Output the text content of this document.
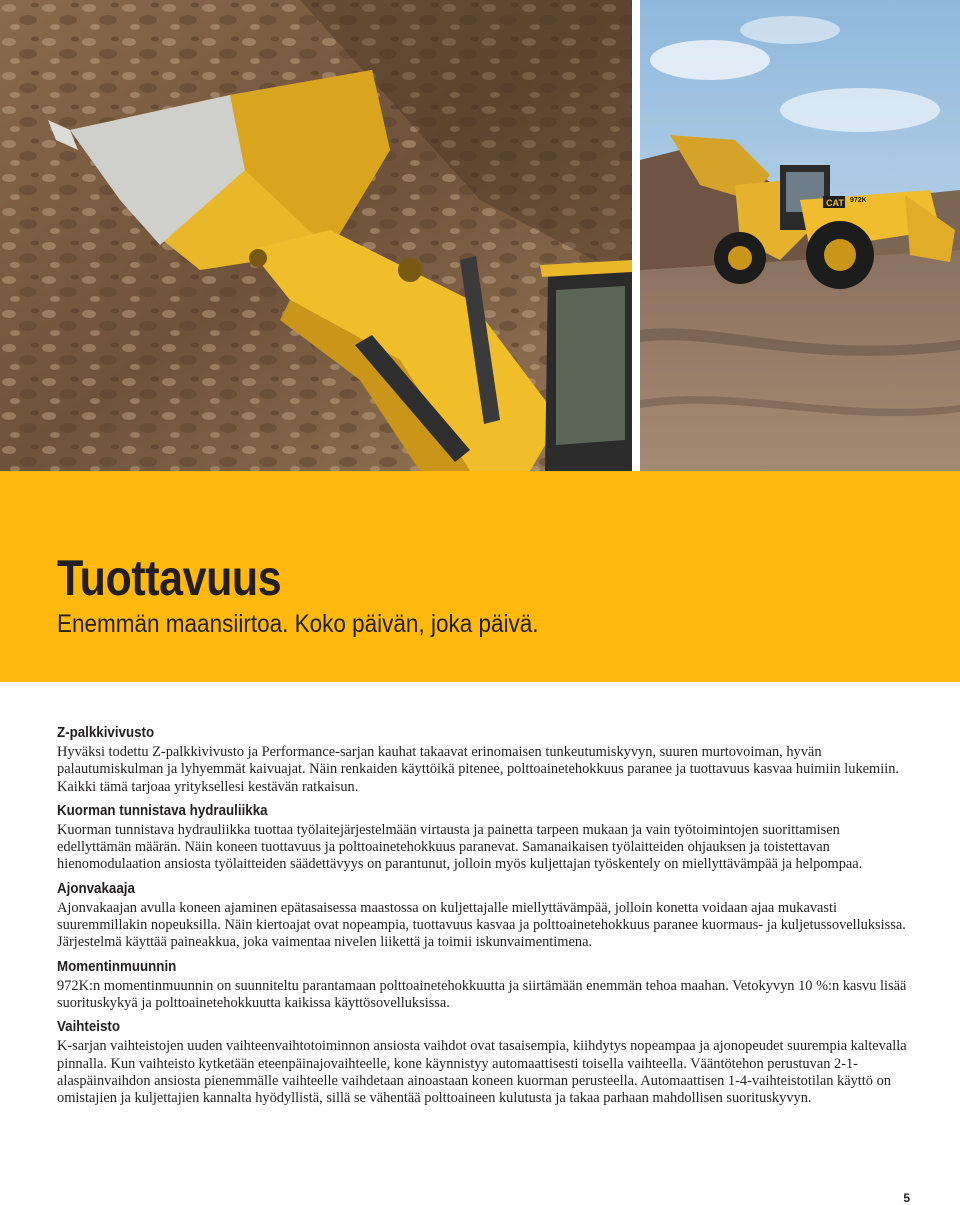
CAT 972K
Tuottavuus

Enemmän maansiirtoa. Koko päivän, joka päivä.

Z-palkkivivusto

Hyväksi todettu Z-palkkivivusto ja Performance-sarjan kauhat takaavat erinomaisen tunkeutumiskyvyn, suuren murtovoiman, hyvän palautumiskulman ja lyhyemmät kaivuajat. Näin renkaiden käyttöikä pitenee, polttoainetehokkuus paranee ja tuottavuus kasvaa huimiin lukemiin. Kaikki tämä tarjoaa yrityksellesi kestävän ratkaisun.

Kuorman tunnistava hydrauliikka

Kuorman tunnistava hydrauliikka tuottaa työlaitejärjestelmään virtausta ja painetta tarpeen mukaan ja vain työtoimintojen suorittamisen edellyttämän määrän. Näin koneen tuottavuus ja polttoainetehokkuus paranevat. Samanaikaisen työlaitteiden ohjauksen ja toistettavan hienomodulaation ansiosta työlaitteiden säädettävyys on parantunut, jolloin myös kuljettajan työskentely on miellyttävämpää ja helpompaa.

Ajonvakaaja

Ajonvakaajan avulla koneen ajaminen epätasaisessa maastossa on kuljettajalle miellyttävämpää, jolloin konetta voidaan ajaa mukavasti suuremmillakin nopeuksilla. Näin kiertoajat ovat nopeampia, tuottavuus kasvaa ja polttoainetehokkuus paranee kuormaus- ja kuljetussovelluksissa. Järjestelmä käyttää paineakkua, joka vaimentaa nivelen liikettä ja toimii iskunvaimentimena.

Momentinmuunnin

972K:n momentinmuunnin on suunniteltu parantamaan polttoainetehokkuutta ja siirtämään enemmän tehoa maahan. Vetokyvyn 10 %:n kasvu lisää suorituskykyä ja polttoainetehokkuutta kaikissa käyttösovelluksissa.

Vaihteisto

K-sarjan vaihteistojen uuden vaihteenvaihtotoiminnon ansiosta vaihdot ovat tasaisempia, kiihdytys nopeampaa ja ajonopeudet suurempia kaltevalla pinnalla. Kun vaihteisto kytketään eteenpäinajovaihteelle, kone käynnistyy automaattisesti toisella vaihteella. Vääntötehon perustuvan 2-1-alaspäinvaihdon ansiosta pienemmälle vaihteelle vaihdetaan ainoastaan koneen kuorman perusteella. Automaattisen 1-4-vaihteistotilan käyttö on omistajien ja kuljettajien kannalta hyödyllistä, sillä se vähentää polttoaineen kulutusta ja takaa parhaan mahdollisen suorituskyvyn.

5
